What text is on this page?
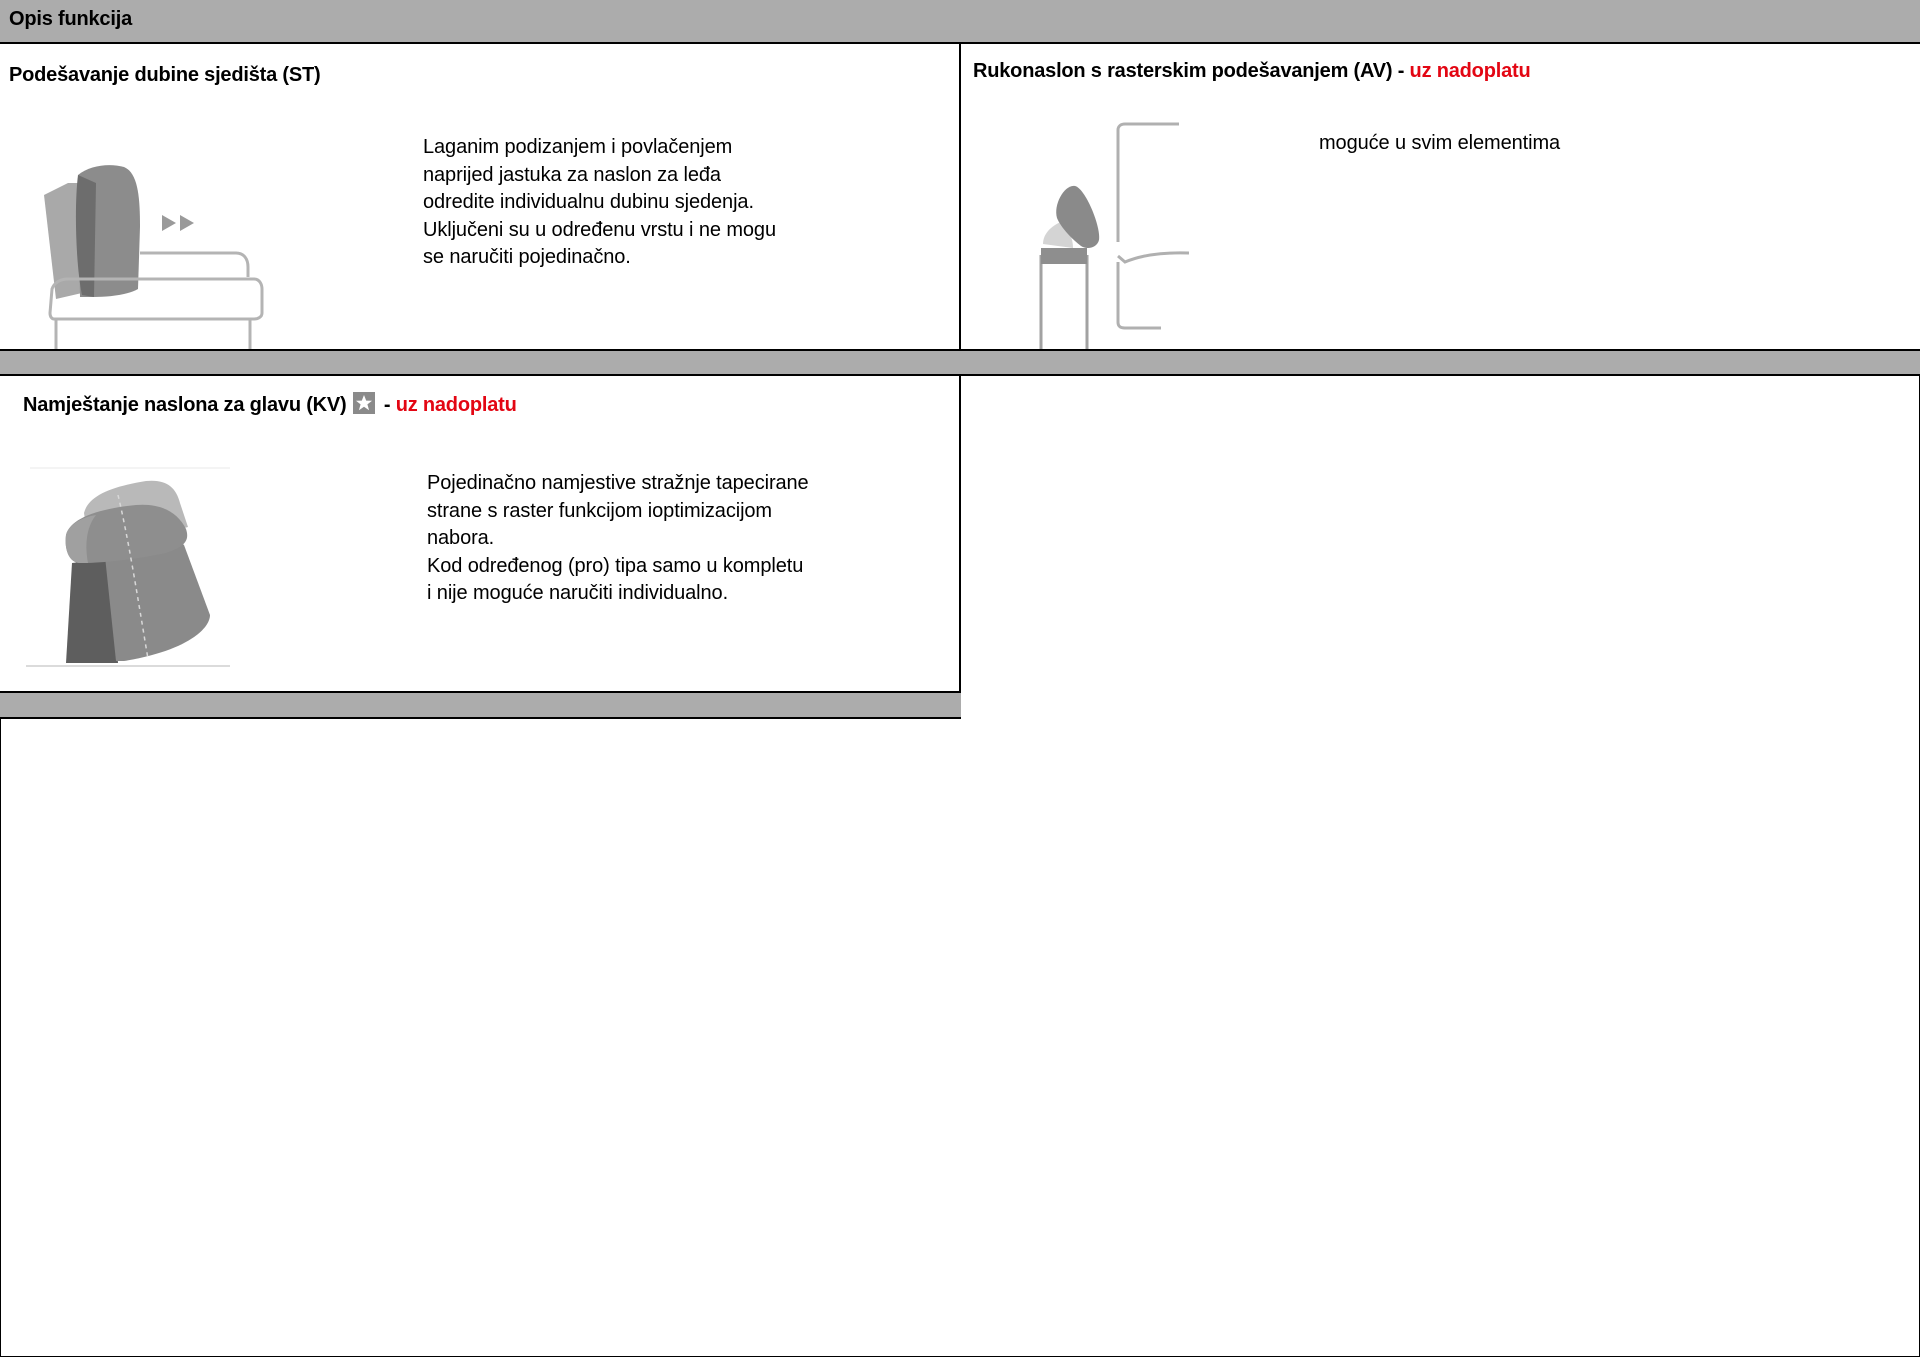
Opis funkcija
Podešavanje dubine sjedišta (ST)
Laganim podizanjem i povlačenjem
naprijed jastuka za naslon za leđa
odredite individualnu dubinu sjedenja.
Uključeni su u određenu vrstu i ne mogu
se naručiti pojedinačno.
Rukonaslon s rasterskim podešavanjem (AV) - uz nadoplatu
moguće u svim elementima
Namještanje naslona za glavu (KV) - uz nadoplatu
Pojedinačno namjestive stražnje tapecirane
strane s raster funkcijom ioptimizacijom
nabora.
Kod određenog (pro) tipa samo u kompletu
i nije moguće naručiti individualno.
